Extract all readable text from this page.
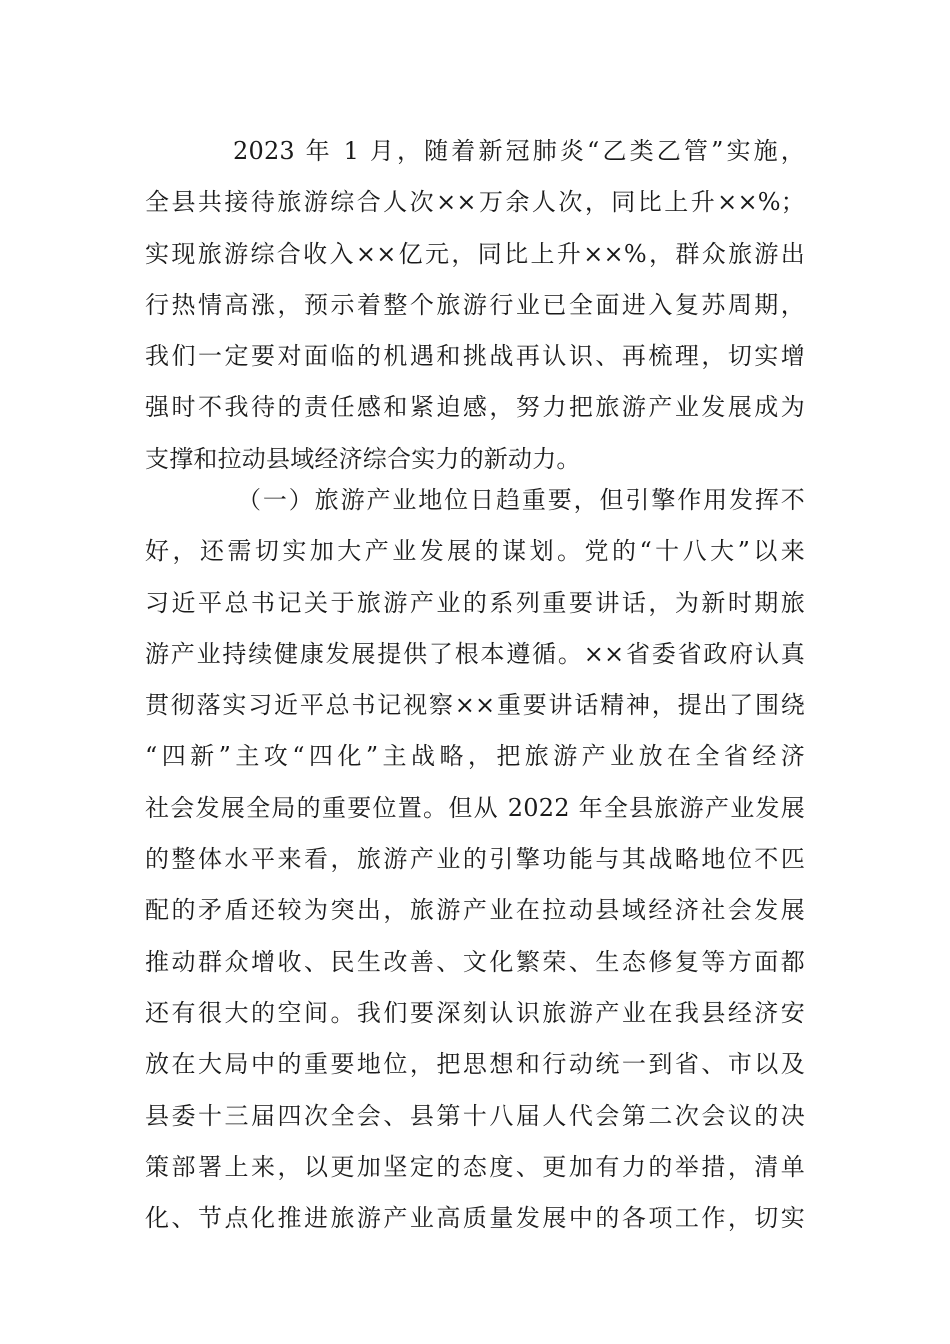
2023 年 1 月，随着新冠肺炎“乙类乙管”实施，
全县共接待旅游综合人次××万余人次，同比上升××%；
实现旅游综合收入××亿元，同比上升××%，群众旅游出
行热情高涨，预示着整个旅游行业已全面进入复苏周期，
我们一定要对面临的机遇和挑战再认识、再梳理，切实增
强时不我待的责任感和紧迫感，努力把旅游产业发展成为
支撑和拉动县域经济综合实力的新动力。
（一）旅游产业地位日趋重要，但引擎作用发挥不
好，还需切实加大产业发展的谋划。党的“十八大”以来
习近平总书记关于旅游产业的系列重要讲话，为新时期旅
游产业持续健康发展提供了根本遵循。××省委省政府认真
贯彻落实习近平总书记视察××重要讲话精神，提出了围绕
“四新”主攻“四化”主战略，把旅游产业放在全省经济
社会发展全局的重要位置。但从 2022 年全县旅游产业发展
的整体水平来看，旅游产业的引擎功能与其战略地位不匹
配的矛盾还较为突出，旅游产业在拉动县域经济社会发展
推动群众增收、民生改善、文化繁荣、生态修复等方面都
还有很大的空间。我们要深刻认识旅游产业在我县经济安
放在大局中的重要地位，把思想和行动统一到省、市以及
县委十三届四次全会、县第十八届人代会第二次会议的决
策部署上来，以更加坚定的态度、更加有力的举措，清单
化、节点化推进旅游产业高质量发展中的各项工作，切实
